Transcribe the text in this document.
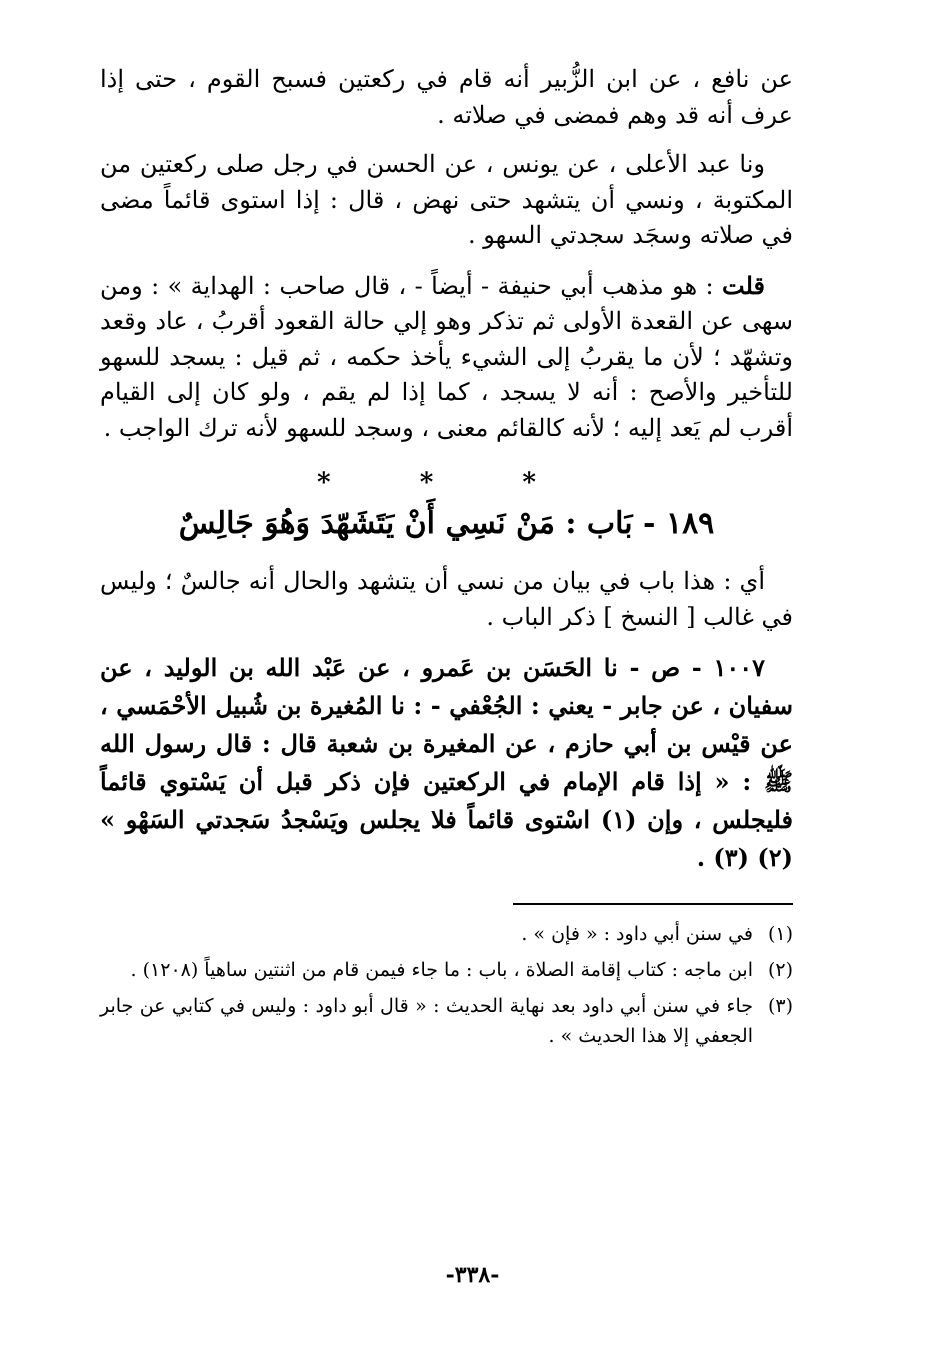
عن نافع ، عن ابن الزُّبير أنه قام في ركعتين فسبح القوم ، حتى إذا عرف أنه قد وهم فمضى في صلاته .

ونا عبد الأعلى ، عن يونس ، عن الحسن في رجل صلى ركعتين من المكتوبة ، ونسي أن يتشهد حتى نهض ، قال : إذا استوى قائماً مضى في صلاته وسجَد سجدتي السهو .

قلت : هو مذهب أبي حنيفة - أيضاً - ، قال صاحب : الهداية » : ومن سهى عن القعدة الأولى ثم تذكر وهو إلي حالة القعود أقربُ ، عاد وقعد وتشهّد ؛ لأن ما يقربُ إلى الشيء يأخذ حكمه ، ثم قيل : يسجد للسهو للتأخير والأصح : أنه لا يسجد ، كما إذا لم يقم ، ولو كان إلى القيام أقرب لم يَعد إليه ؛ لأنه كالقائم معنى ، وسجد للسهو لأنه ترك الواجب .

* * *
١٨٩ - بَاب : مَنْ نَسِي أَنْ يَتَشَهّدَ وَهُوَ جَالِسٌ

أي : هذا باب في بيان من نسي أن يتشهد والحال أنه جالسٌ ؛ وليس في غالب [ النسخ ] ذكر الباب .

١٠٠٧ - ص - نا الحَسَن بن عَمرو ، عن عَبْد الله بن الوليد ، عن سفيان ، عن جابر - يعني : الجُعْفي - : نا المُغيرة بن شُبيل الأحْمَسي ، عن قيْس بن أبي حازم ، عن المغيرة بن شعبة قال : قال رسول الله ﷺ : « إذا قام الإمام في الركعتين فإن ذكر قبل أن يَسْتوي قائماً فليجلس ، وإن (١) اسْتوى قائماً فلا يجلس ويَسْجدُ سَجدتي السَهْو » (٢) (٣) .

(١)في سنن أبي داود : « فإن » .

(٢)ابن ماجه : كتاب إقامة الصلاة ، باب : ما جاء فيمن قام من اثنتين ساهياً (١٢٠٨) .

(٣)جاء في سنن أبي داود بعد نهاية الحديث : « قال أبو داود : وليس في كتابي عن جابر الجعفي إلا هذا الحديث » .

-٣٣٨-
